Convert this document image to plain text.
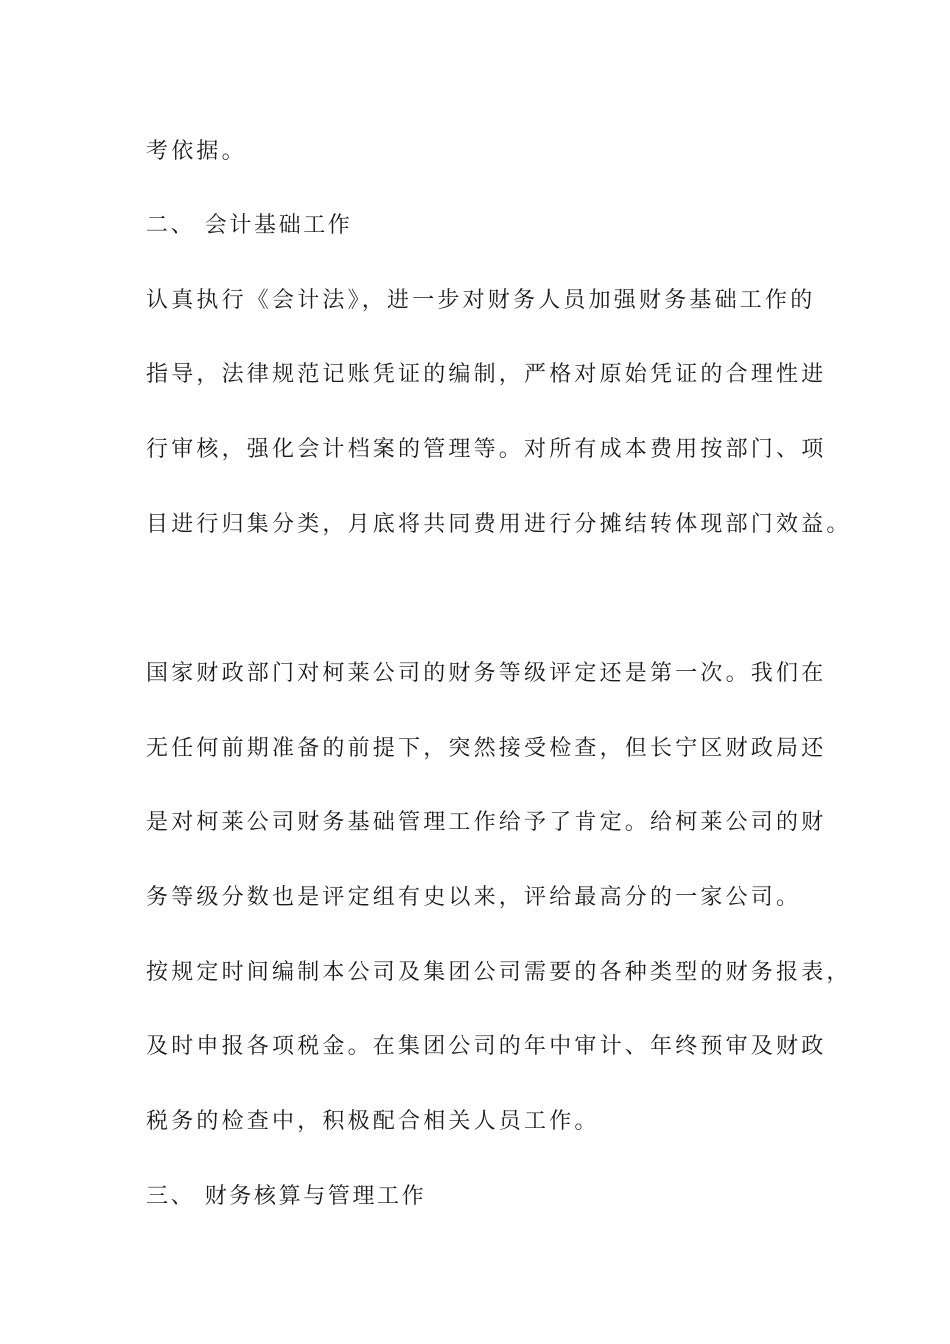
考依据。
二、 会计基础工作
认真执行《会计法》，进一步对财务人员加强财务基础工作的
指导，法律规范记账凭证的编制，严格对原始凭证的合理性进
行审核，强化会计档案的管理等。对所有成本费用按部门、项
目进行归集分类，月底将共同费用进行分摊结转体现部门效益。
国家财政部门对柯莱公司的财务等级评定还是第一次。我们在
无任何前期准备的前提下，突然接受检查，但长宁区财政局还
是对柯莱公司财务基础管理工作给予了肯定。给柯莱公司的财
务等级分数也是评定组有史以来，评给最高分的一家公司。
按规定时间编制本公司及集团公司需要的各种类型的财务报表，
及时申报各项税金。在集团公司的年中审计、年终预审及财政
税务的检查中，积极配合相关人员工作。
三、 财务核算与管理工作
